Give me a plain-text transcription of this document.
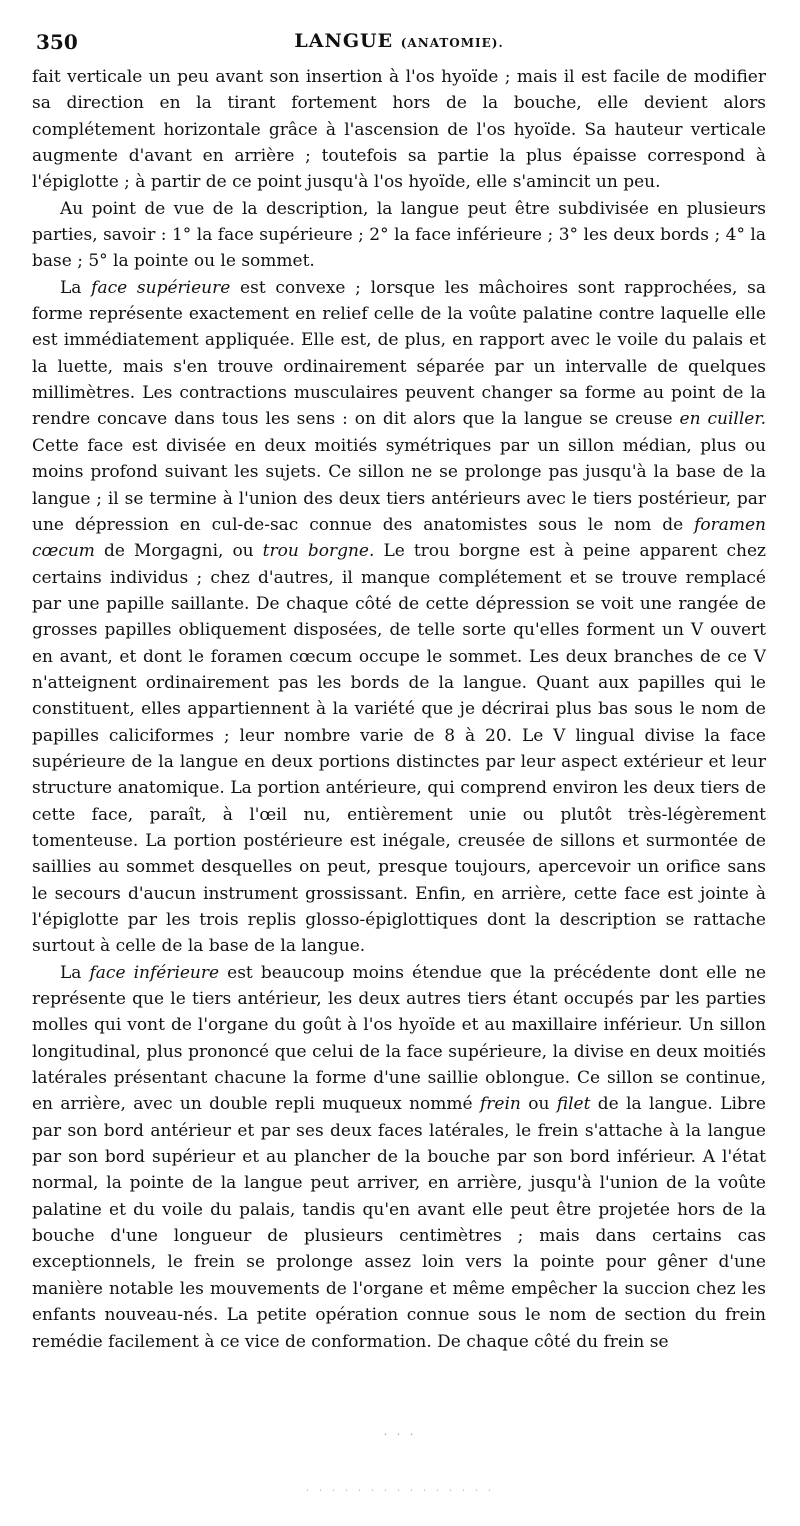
350	LANGUE (ANATOMIE).

fait verticale un peu avant son insertion à l'os hyoïde ; mais il est facile de modifier sa direction en la tirant fortement hors de la bouche, elle devient alors complétement horizontale grâce à l'ascension de l'os hyoïde. Sa hauteur verticale augmente d'avant en arrière ; toutefois sa partie la plus épaisse correspond à l'épiglotte ; à partir de ce point jusqu'à l'os hyoïde, elle s'amincit un peu.

Au point de vue de la description, la langue peut être subdivisée en plusieurs parties, savoir : 1° la face supérieure ; 2° la face inférieure ; 3° les deux bords ; 4° la base ; 5° la pointe ou le sommet.

La face supérieure est convexe ; lorsque les mâchoires sont rapprochées, sa forme représente exactement en relief celle de la voûte palatine contre laquelle elle est immédiatement appliquée. Elle est, de plus, en rapport avec le voile du palais et la luette, mais s'en trouve ordinairement séparée par un intervalle de quelques millimètres. Les contractions musculaires peuvent changer sa forme au point de la rendre concave dans tous les sens : on dit alors que la langue se creuse en cuiller. Cette face est divisée en deux moitiés symétriques par un sillon médian, plus ou moins profond suivant les sujets. Ce sillon ne se prolonge pas jusqu'à la base de la langue ; il se termine à l'union des deux tiers antérieurs avec le tiers postérieur, par une dépression en cul-de-sac connue des anatomistes sous le nom de foramen cœcum de Morgagni, ou trou borgne. Le trou borgne est à peine apparent chez certains individus ; chez d'autres, il manque complétement et se trouve remplacé par une papille saillante. De chaque côté de cette dépression se voit une rangée de grosses papilles obliquement disposées, de telle sorte qu'elles forment un V ouvert en avant, et dont le foramen cœcum occupe le sommet. Les deux branches de ce V n'atteignent ordinairement pas les bords de la langue. Quant aux papilles qui le constituent, elles appartiennent à la variété que je décrirai plus bas sous le nom de papilles caliciformes ; leur nombre varie de 8 à 20. Le V lingual divise la face supérieure de la langue en deux portions distinctes par leur aspect extérieur et leur structure anatomique. La portion antérieure, qui comprend environ les deux tiers de cette face, paraît, à l'œil nu, entièrement unie ou plutôt très-légèrement tomenteuse. La portion postérieure est inégale, creusée de sillons et surmontée de saillies au sommet desquelles on peut, presque toujours, apercevoir un orifice sans le secours d'aucun instrument grossissant. Enfin, en arrière, cette face est jointe à l'épiglotte par les trois replis glosso-épiglottiques dont la description se rattache surtout à celle de la base de la langue.

La face inférieure est beaucoup moins étendue que la précédente dont elle ne représente que le tiers antérieur, les deux autres tiers étant occupés par les parties molles qui vont de l'organe du goût à l'os hyoïde et au maxillaire inférieur. Un sillon longitudinal, plus prononcé que celui de la face supérieure, la divise en deux moitiés latérales présentant chacune la forme d'une saillie oblongue. Ce sillon se continue, en arrière, avec un double repli muqueux nommé frein ou filet de la langue. Libre par son bord antérieur et par ses deux faces latérales, le frein s'attache à la langue par son bord supérieur et au plancher de la bouche par son bord inférieur. A l'état normal, la pointe de la langue peut arriver, en arrière, jusqu'à l'union de la voûte palatine et du voile du palais, tandis qu'en avant elle peut être projetée hors de la bouche d'une longueur de plusieurs centimètres ; mais dans certains cas exceptionnels, le frein se prolonge assez loin vers la pointe pour gêner d'une manière notable les mouvements de l'organe et même empêcher la succion chez les enfants nouveau-nés. La petite opération connue sous le nom de section du frein remédie facilement à ce vice de conformation. De chaque côté du frein se

· · ·
· · · · · · · · · · · · · · ·
